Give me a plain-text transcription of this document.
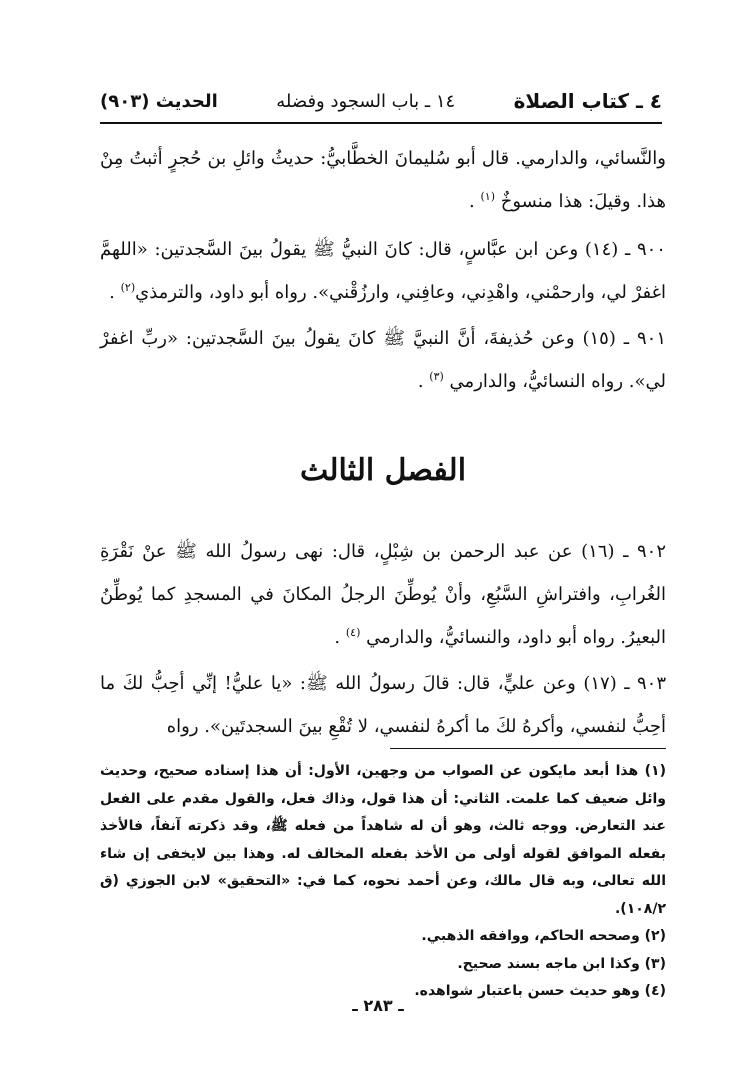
٤ ـ كتاب الصلاة
١٤ ـ باب السجود وفضله
الحديث (٩٠٣)
والنَّسائي، والدارمي. قال أبو سُليمانَ الخطَّابيُّ: حديثُ وائلِ بن حُجرٍ أثبتُ مِنْ هذا. وقيلَ: هذا منسوخٌ $^{(١)}$ .
٩٠٠ ـ (١٤) وعن ابن عبَّاسٍ، قال: كانَ النبيُّ ﷺ يقولُ بينَ السَّجدتين: «اللهمَّ اغفرْ لي، وارحمْني، واهْدِني، وعافِني، وارزُقْني». رواه أبو داود، والترمذي$^{(٢)}$ .
٩٠١ ـ (١٥) وعن حُذيفةَ، أنَّ النبيَّ ﷺ كانَ يقولُ بينَ السَّجدتين: «ربِّ اغفرْ لي». رواه النسائيُّ، والدارمي $^{(٣)}$ .
الفصل الثالث
٩٠٢ ـ (١٦) عن عبد الرحمن بن شِبْلٍ، قال: نهى رسولُ الله ﷺ عنْ نَقْرَةِ الغُرابِ، وافتراشِ السَّبُعِ، وأنْ يُوطِّنَ الرجلُ المكانَ في المسجدِ كما يُوطِّنُ البعيرُ. رواه أبو داود، والنسائيُّ، والدارمي $^{(٤)}$ .
٩٠٣ ـ (١٧) وعن عليٍّ، قال: قالَ رسولُ الله ﷺ: «يا عليُّ! إنِّي أحِبُّ لكَ ما أحِبُّ لنفسي، وأكرهُ لكَ ما أكرهُ لنفسي، لا تُقْعِ بينَ السجدتَين». رواه

(١) هذا أبعد مايكون عن الصواب من وجهين، الأول: أن هذا إسناده صحيح، وحديث وائل ضعيف كما علمت. الثاني: أن هذا قول، وذاك فعل، والقول مقدم على الفعل عند التعارض. ووجه ثالث، وهو أن له شاهداً من فعله ﷺ، وقد ذكرته آنفاً، فالأخذ بفعله الموافق لقوله أولى من الأخذ بفعله المخالف له. وهذا بين لايخفى إن شاء الله تعالى، وبه قال مالك، وعن أحمد نحوه، كما في: «التحقيق» لابن الجوزي (ق ١٠٨/٢).

(٢) وصححه الحاكم، ووافقه الذهبي.

(٣) وكذا ابن ماجه بسند صحيح.

(٤) وهو حديث حسن باعتبار شواهده.

ـ ٢٨٣ ـ
